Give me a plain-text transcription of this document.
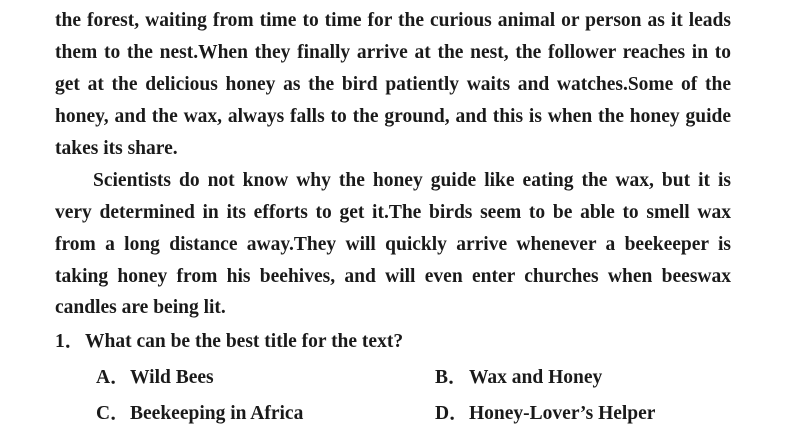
the forest, waiting from time to time for the curious animal or person as it leads
them to the nest.When they finally arrive at the nest, the follower reaches in to
get at the delicious honey as the bird patiently waits and watches.Some of the
honey, and the wax, always falls to the ground, and this is when the honey guide
takes its share.
Scientists do not know why the honey guide like eating the wax, but it is
very determined in its efforts to get it.The birds seem to be able to smell wax
from a long distance away.They will quickly arrive whenever a beekeeper is
taking honey from his beehives, and will even enter churches when beeswax
candles are being lit.
1．What can be the best title for the text?
A．Wild Bees	B．Wax and Honey
C．Beekeeping in Africa	D．Honey-Lover’s Helper
